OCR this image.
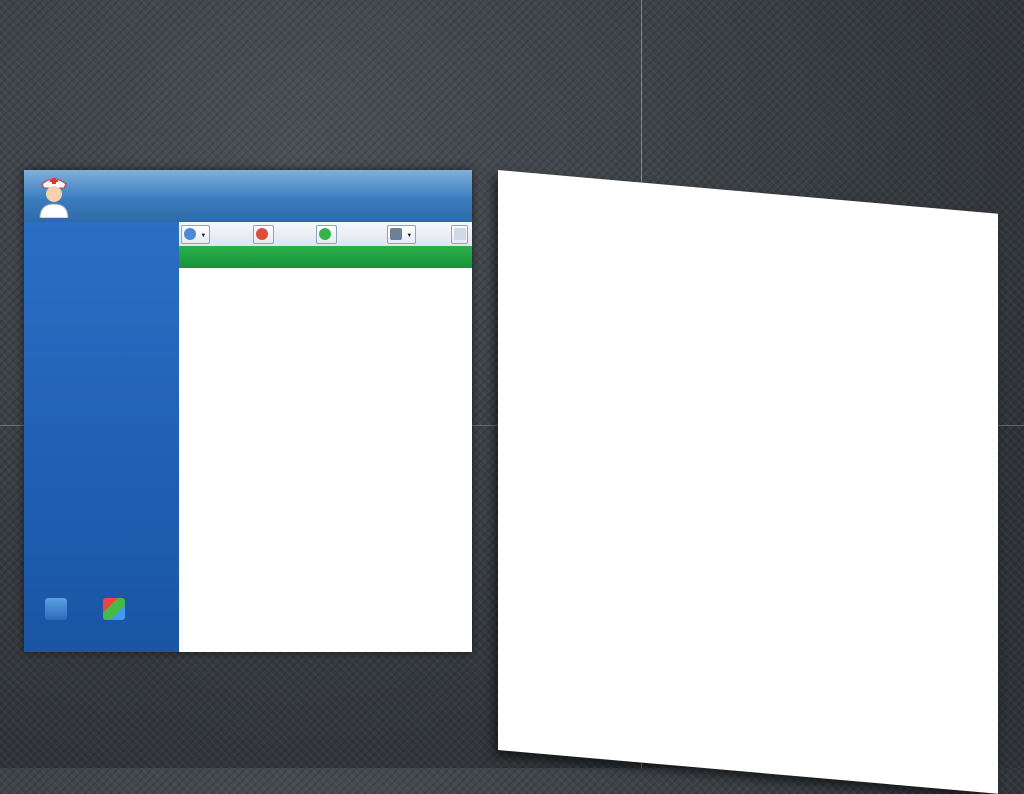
▼	▼
